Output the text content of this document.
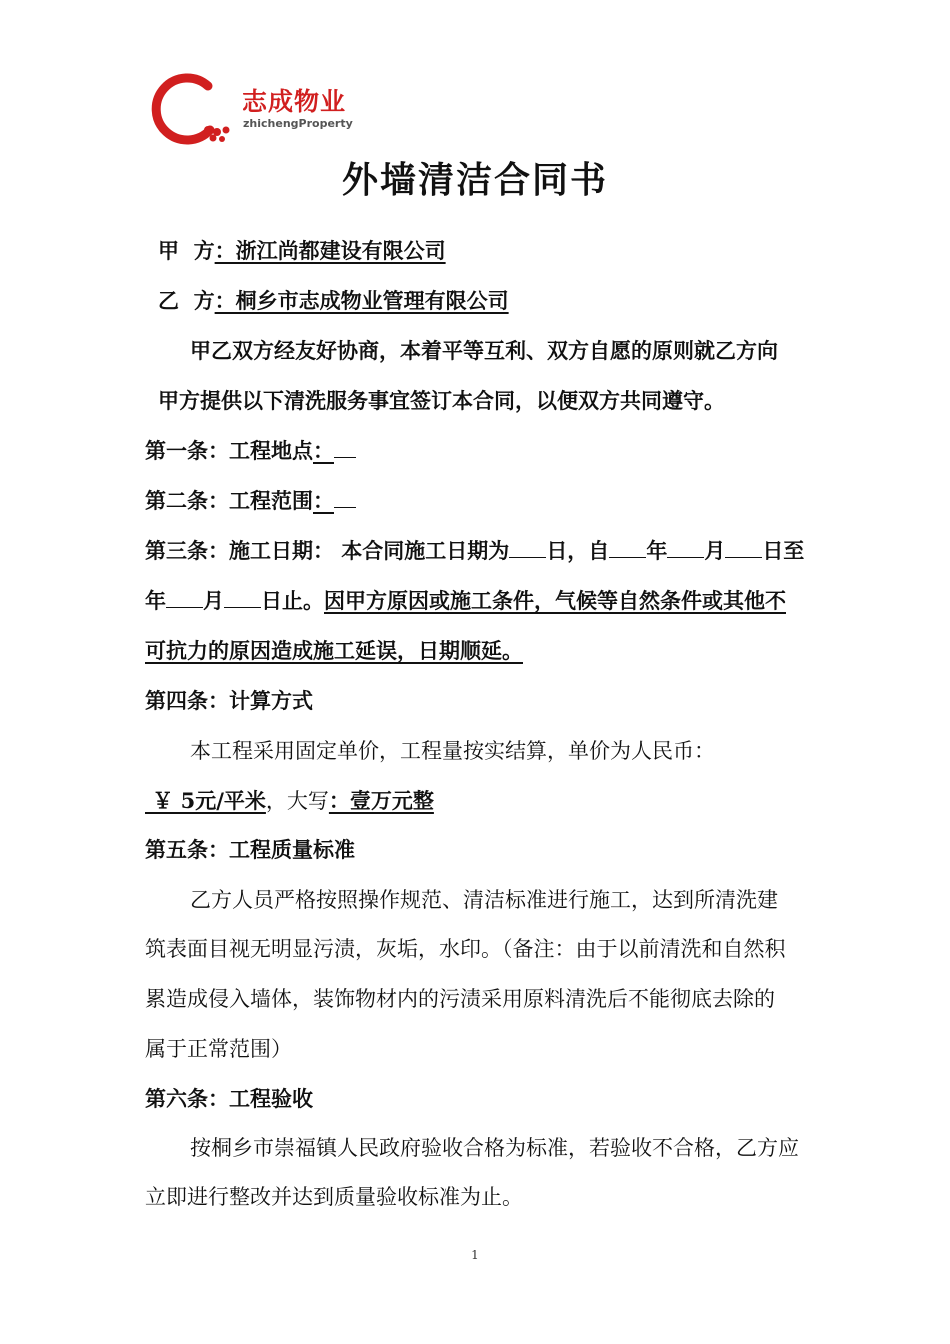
志成物业
zhichengProperty
外墙清洁合同书
甲  方：浙江尚都建设有限公司
乙  方：桐乡市志成物业管理有限公司
甲乙双方经友好协商，本着平等互利、双方自愿的原则就乙方向
甲方提供以下清洗服务事宜签订本合同，以便双方共同遵守。
第一条：工程地点：
第二条：工程范围：
第三条：施工日期： 本合同施工日期为 日，自 年 月 日至
年 月 日止。因甲方原因或施工条件，气候等自然条件或其他不
可抗力的原因造成施工延误，日期顺延。
第四条：计算方式
本工程采用固定单价，工程量按实结算，单价为人民币：
￥ 5元/平米，大写：壹万元整
第五条：工程质量标准
乙方人员严格按照操作规范、清洁标准进行施工，达到所清洗建
筑表面目视无明显污渍，灰垢，水印。（备注：由于以前清洗和自然积
累造成侵入墙体，装饰物材内的污渍采用原料清洗后不能彻底去除的
属于正常范围）
第六条：工程验收
按桐乡市崇福镇人民政府验收合格为标准，若验收不合格，乙方应
立即进行整改并达到质量验收标准为止。
1
